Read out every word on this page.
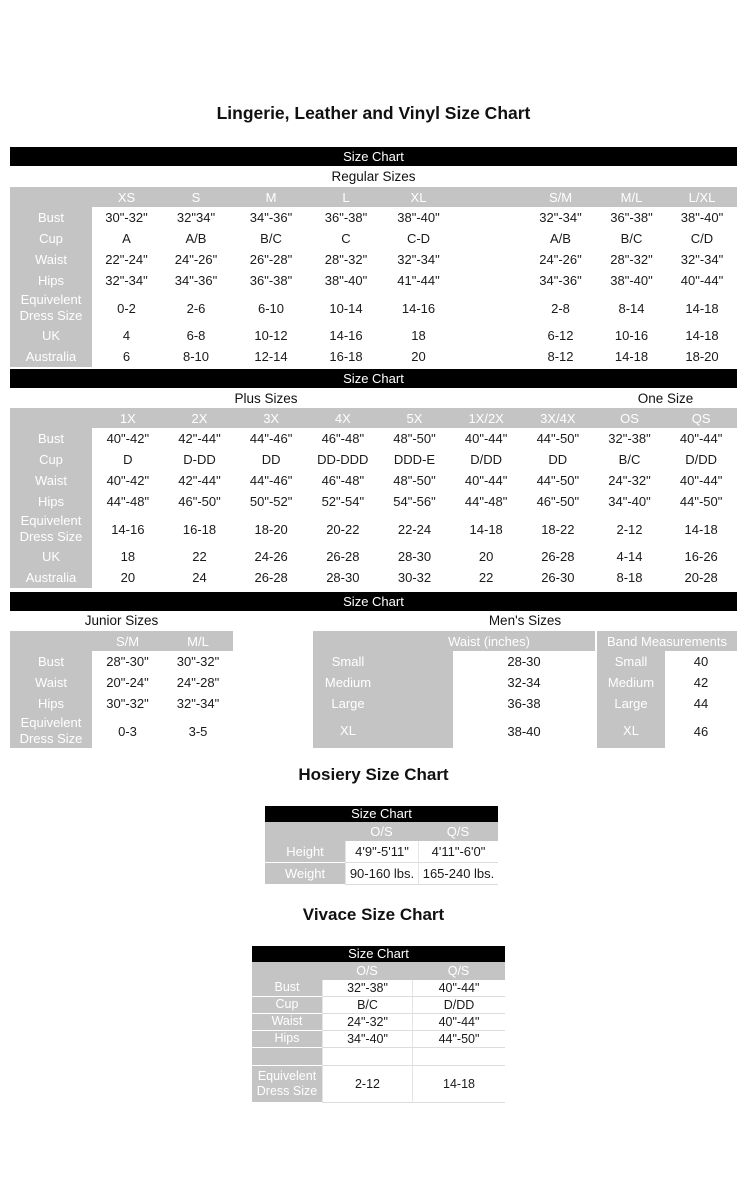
Lingerie, Leather and Vinyl Size Chart
Size Chart
Regular Sizes
XS	S	M	L	XL	S/M	M/L	L/XL
Bust	30"-32"	32"34"	34"-36"	36"-38"	38"-40"	32"-34"	36"-38"	38"-40"
Cup	A	A/B	B/C	C	C-D	A/B	B/C	C/D
Waist	22"-24"	24"-26"	26"-28"	28"-32"	32"-34"	24"-26"	28"-32"	32"-34"
Hips	32"-34"	34"-36"	36"-38"	38"-40"	41"-44"	34"-36"	38"-40"	40"-44"
Equivelent Dress Size	0-2	2-6	6-10	10-14	14-16	2-8	8-14	14-18
UK	4	6-8	10-12	14-16	18	6-12	10-16	14-18
Australia	6	8-10	12-14	16-18	20	8-12	14-18	18-20
Size Chart
Plus Sizes	One Size
1X	2X	3X	4X	5X	1X/2X	3X/4X	OS	QS
Bust	40"-42"	42"-44"	44"-46"	46"-48"	48"-50"	40"-44"	44"-50"	32"-38"	40"-44"
Cup	D	D-DD	DD	DD-DDD	DDD-E	D/DD	DD	B/C	D/DD
Waist	40"-42"	42"-44"	44"-46"	46"-48"	48"-50"	40"-44"	44"-50"	24"-32"	40"-44"
Hips	44"-48"	46"-50"	50"-52"	52"-54"	54"-56"	44"-48"	46"-50"	34"-40"	44"-50"
Equivelent Dress Size	14-16	16-18	18-20	20-22	22-24	14-18	18-22	2-12	14-18
UK	18	22	24-26	26-28	28-30	20	26-28	4-14	16-26
Australia	20	24	26-28	28-30	30-32	22	26-30	8-18	20-28
Size Chart
Junior Sizes
S/M	M/L
Bust	28"-30"	30"-32"
Waist	20"-24"	24"-28"
Hips	30"-32"	32"-34"
Equivelent Dress Size	0-3	3-5
Men's Sizes
Waist (inches)	Band Measurements
Small	28-30	Small	40
Medium	32-34	Medium	42
Large	36-38	Large	44
XL	38-40	XL	46
Hosiery Size Chart
Size Chart
O/S	Q/S
Height	4'9"-5'11"	4'11"-6'0"
Weight	90-160 lbs. 165-240 lbs.
Vivace Size Chart
Size Chart
O/S	Q/S
Bust	32"-38"	40"-44"
Cup	B/C	D/DD
Waist	24"-32"	40"-44"
Hips	34"-40"	44"-50"
Equivelent Dress Size	2-12	14-18
